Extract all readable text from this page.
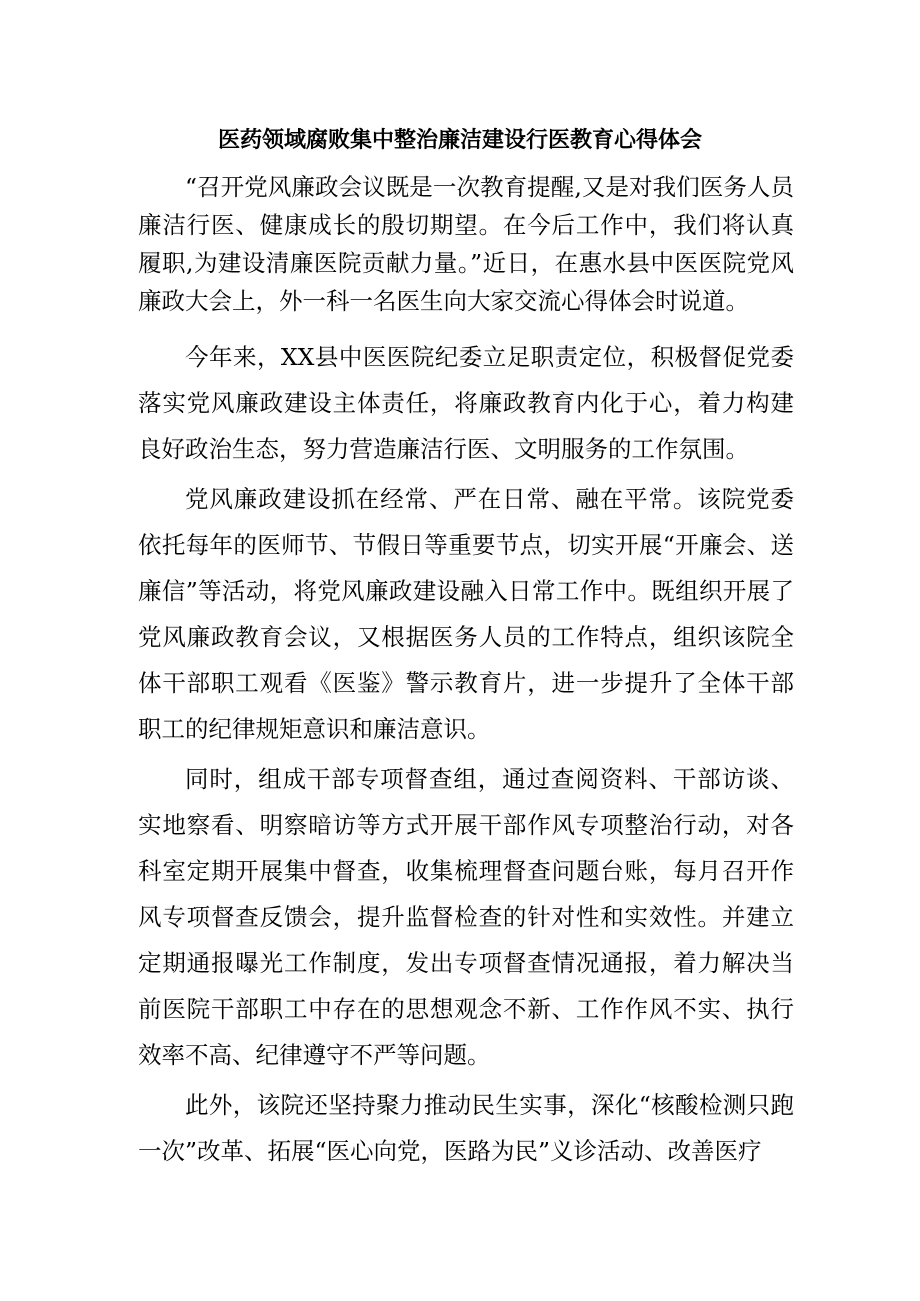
医药领域腐败集中整治廉洁建设行医教育心得体会

“召开党风廉政会议既是一次教育提醒,又是对我们医务人员廉洁行医、健康成长的殷切期望。在今后工作中，我们将认真履职,为建设清廉医院贡献力量。”近日，在惠水县中医医院党风廉政大会上，外一科一名医生向大家交流心得体会时说道。

今年来，XX县中医医院纪委立足职责定位，积极督促党委落实党风廉政建设主体责任，将廉政教育内化于心，着力构建良好政治生态，努力营造廉洁行医、文明服务的工作氛围。

党风廉政建设抓在经常、严在日常、融在平常。该院党委依托每年的医师节、节假日等重要节点，切实开展“开廉会、送廉信”等活动，将党风廉政建设融入日常工作中。既组织开展了党风廉政教育会议，又根据医务人员的工作特点，组织该院全体干部职工观看《医鉴》警示教育片，进一步提升了全体干部职工的纪律规矩意识和廉洁意识。

同时，组成干部专项督查组，通过查阅资料、干部访谈、实地察看、明察暗访等方式开展干部作风专项整治行动，对各科室定期开展集中督查，收集梳理督查问题台账，每月召开作风专项督查反馈会，提升监督检查的针对性和实效性。并建立定期通报曝光工作制度，发出专项督查情况通报，着力解决当前医院干部职工中存在的思想观念不新、工作作风不实、执行效率不高、纪律遵守不严等问题。

此外，该院还坚持聚力推动民生实事，深化“核酸检测只跑一次”改革、拓展“医心向党，医路为民”义诊活动、改善医疗
